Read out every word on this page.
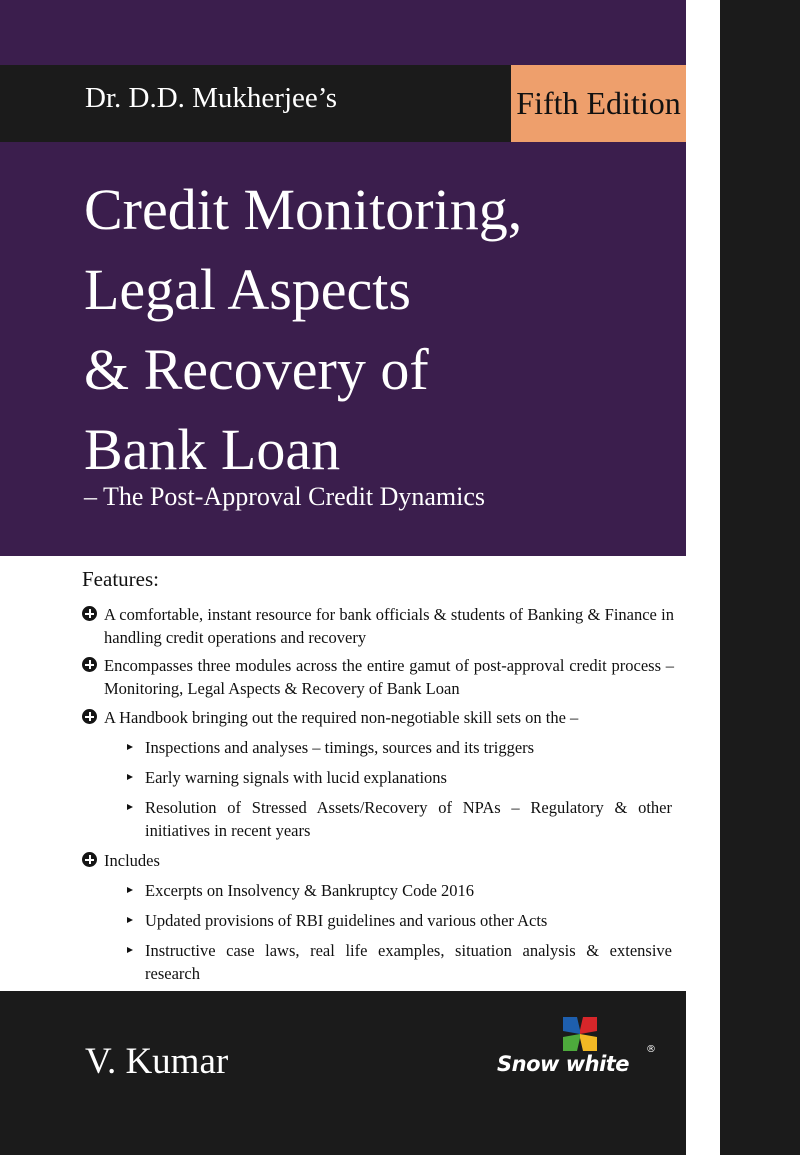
Dr. D.D. Mukherjee’s	Fifth Edition
Credit Monitoring,
Legal Aspects
& Recovery of
Bank Loan
– The Post-Approval Credit Dynamics
Features:
A comfortable, instant resource for bank officials & students of Banking & Finance in handling credit operations and recovery
Encompasses three modules across the entire gamut of post-approval credit process – Monitoring, Legal Aspects & Recovery of Bank Loan
A Handbook bringing out the required non-negotiable skill sets on the –
Inspections and analyses – timings, sources and its triggers
Early warning signals with lucid explanations
Resolution of Stressed Assets/Recovery of NPAs – Regulatory & other initiatives in recent years
Includes
Excerpts on Insolvency & Bankruptcy Code 2016
Updated provisions of RBI guidelines and various other Acts
Instructive case laws, real life examples, situation analysis & extensive research
V. Kumar	Snow white
®
